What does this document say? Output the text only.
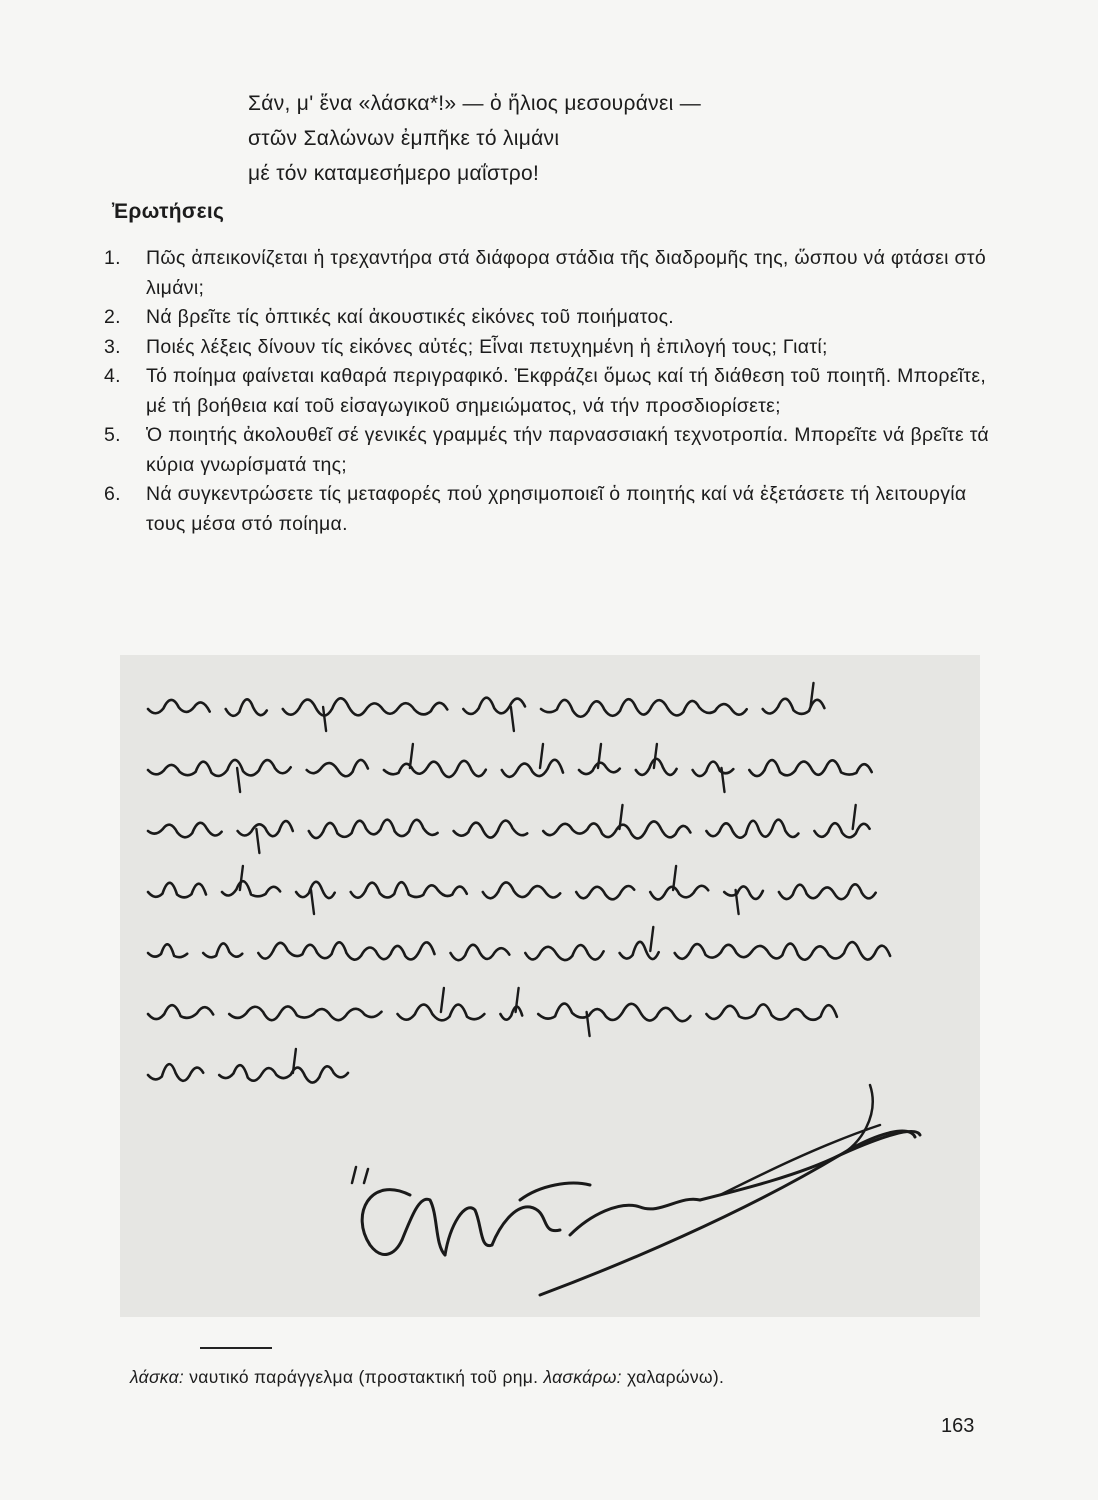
Σάν, μ' ἕνα «λάσκα*!» — ὁ ἥλιος μεσουράνει —
στῶν Σαλώνων ἐμπῆκε τό λιμάνι
μέ τόν καταμεσήμερο μαΐστρο!
Ἐρωτήσεις
1. Πῶς ἀπεικονίζεται ἡ τρεχαντήρα στά διάφορα στάδια τῆς διαδρομῆς της, ὥσπου νά φτάσει στό λιμάνι;
2. Νά βρεῖτε τίς ὀπτικές καί ἀκουστικές εἰκόνες τοῦ ποιήματος.
3. Ποιές λέξεις δίνουν τίς εἰκόνες αὐτές; Εἶναι πετυχημένη ἡ ἐπιλογή τους; Γιατί;
4. Τό ποίημα φαίνεται καθαρά περιγραφικό. Ἐκφράζει ὅμως καί τή διάθεση τοῦ ποιητῆ. Μπορεῖτε, μέ τή βοήθεια καί τοῦ εἰσαγωγικοῦ σημειώματος, νά τήν προσδιορίσετε;
5. Ὁ ποιητής ἀκολουθεῖ σέ γενικές γραμμές τήν παρνασσιακή τεχνοτροπία. Μπορεῖτε νά βρεῖτε τά κύρια γνωρίσματά της;
6. Νά συγκεντρώσετε τίς μεταφορές πού χρησιμοποιεῖ ὁ ποιητής καί νά ἐξετάσετε τή λειτουργία τους μέσα στό ποίημα.
λάσκα: ναυτικό παράγγελμα (προστακτική τοῦ ρημ. λασκάρω: χαλαρώνω).
163
